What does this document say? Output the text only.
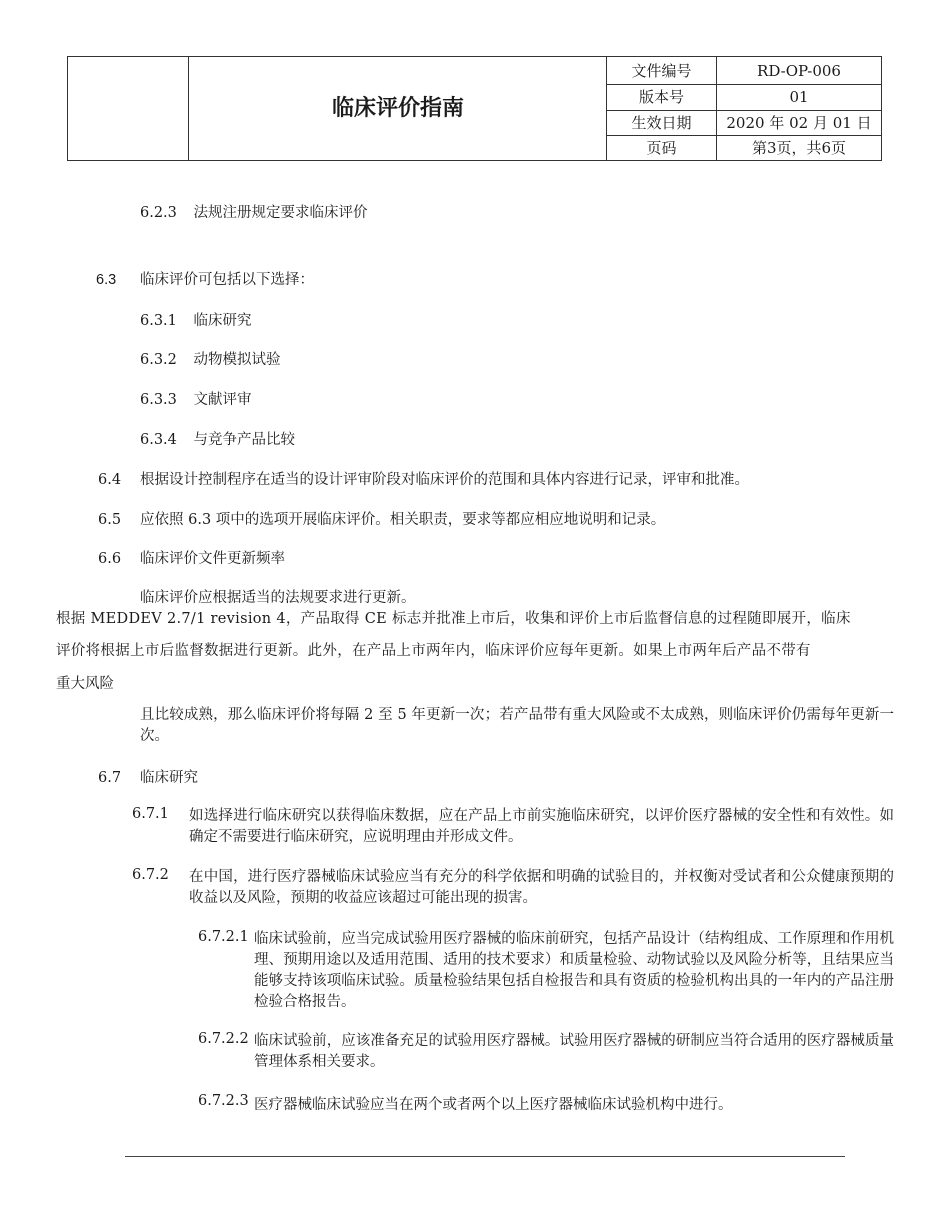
临床评价指南
文件编号	RD-OP-006
版本号	01
生效日期	2020 年 02 月 01 日
页码	第3页，共6页
6.2.3 法规注册规定要求临床评价
6.3 临床评价可包括以下选择：
6.3.1 临床研究
6.3.2 动物模拟试验
6.3.3 文献评审
6.3.4 与竞争产品比较
6.4 根据设计控制程序在适当的设计评审阶段对临床评价的范围和具体内容进行记录，评审和批准。
6.5 应依照 6.3 项中的选项开展临床评价。相关职责，要求等都应相应地说明和记录。
6.6 临床评价文件更新频率
临床评价应根据适当的法规要求进行更新。
根据 MEDDEV 2.7/1 revision 4，产品取得 CE 标志并批准上市后，收集和评价上市后监督信息的过程随即展开，临床
评价将根据上市后监督数据进行更新。此外，在产品上市两年内，临床评价应每年更新。如果上市两年后产品不带有
重大风险
且比较成熟，那么临床评价将每隔 2 至 5 年更新一次；若产品带有重大风险或不太成熟，则临床评价仍需每年更新一次。
6.7 临床研究
6.7.1 如选择进行临床研究以获得临床数据，应在产品上市前实施临床研究，以评价医疗器械的安全性和有效性。如确定不需要进行临床研究，应说明理由并形成文件。
6.7.2 在中国，进行医疗器械临床试验应当有充分的科学依据和明确的试验目的，并权衡对受试者和公众健康预期的收益以及风险，预期的收益应该超过可能出现的损害。
6.7.2.1 临床试验前，应当完成试验用医疗器械的临床前研究，包括产品设计（结构组成、工作原理和作用机理、预期用途以及适用范围、适用的技术要求）和质量检验、动物试验以及风险分析等，且结果应当能够支持该项临床试验。质量检验结果包括自检报告和具有资质的检验机构出具的一年内的产品注册检验合格报告。
6.7.2.2 临床试验前，应该准备充足的试验用医疗器械。试验用医疗器械的研制应当符合适用的医疗器械质量管理体系相关要求。
6.7.2.3 医疗器械临床试验应当在两个或者两个以上医疗器械临床试验机构中进行。
